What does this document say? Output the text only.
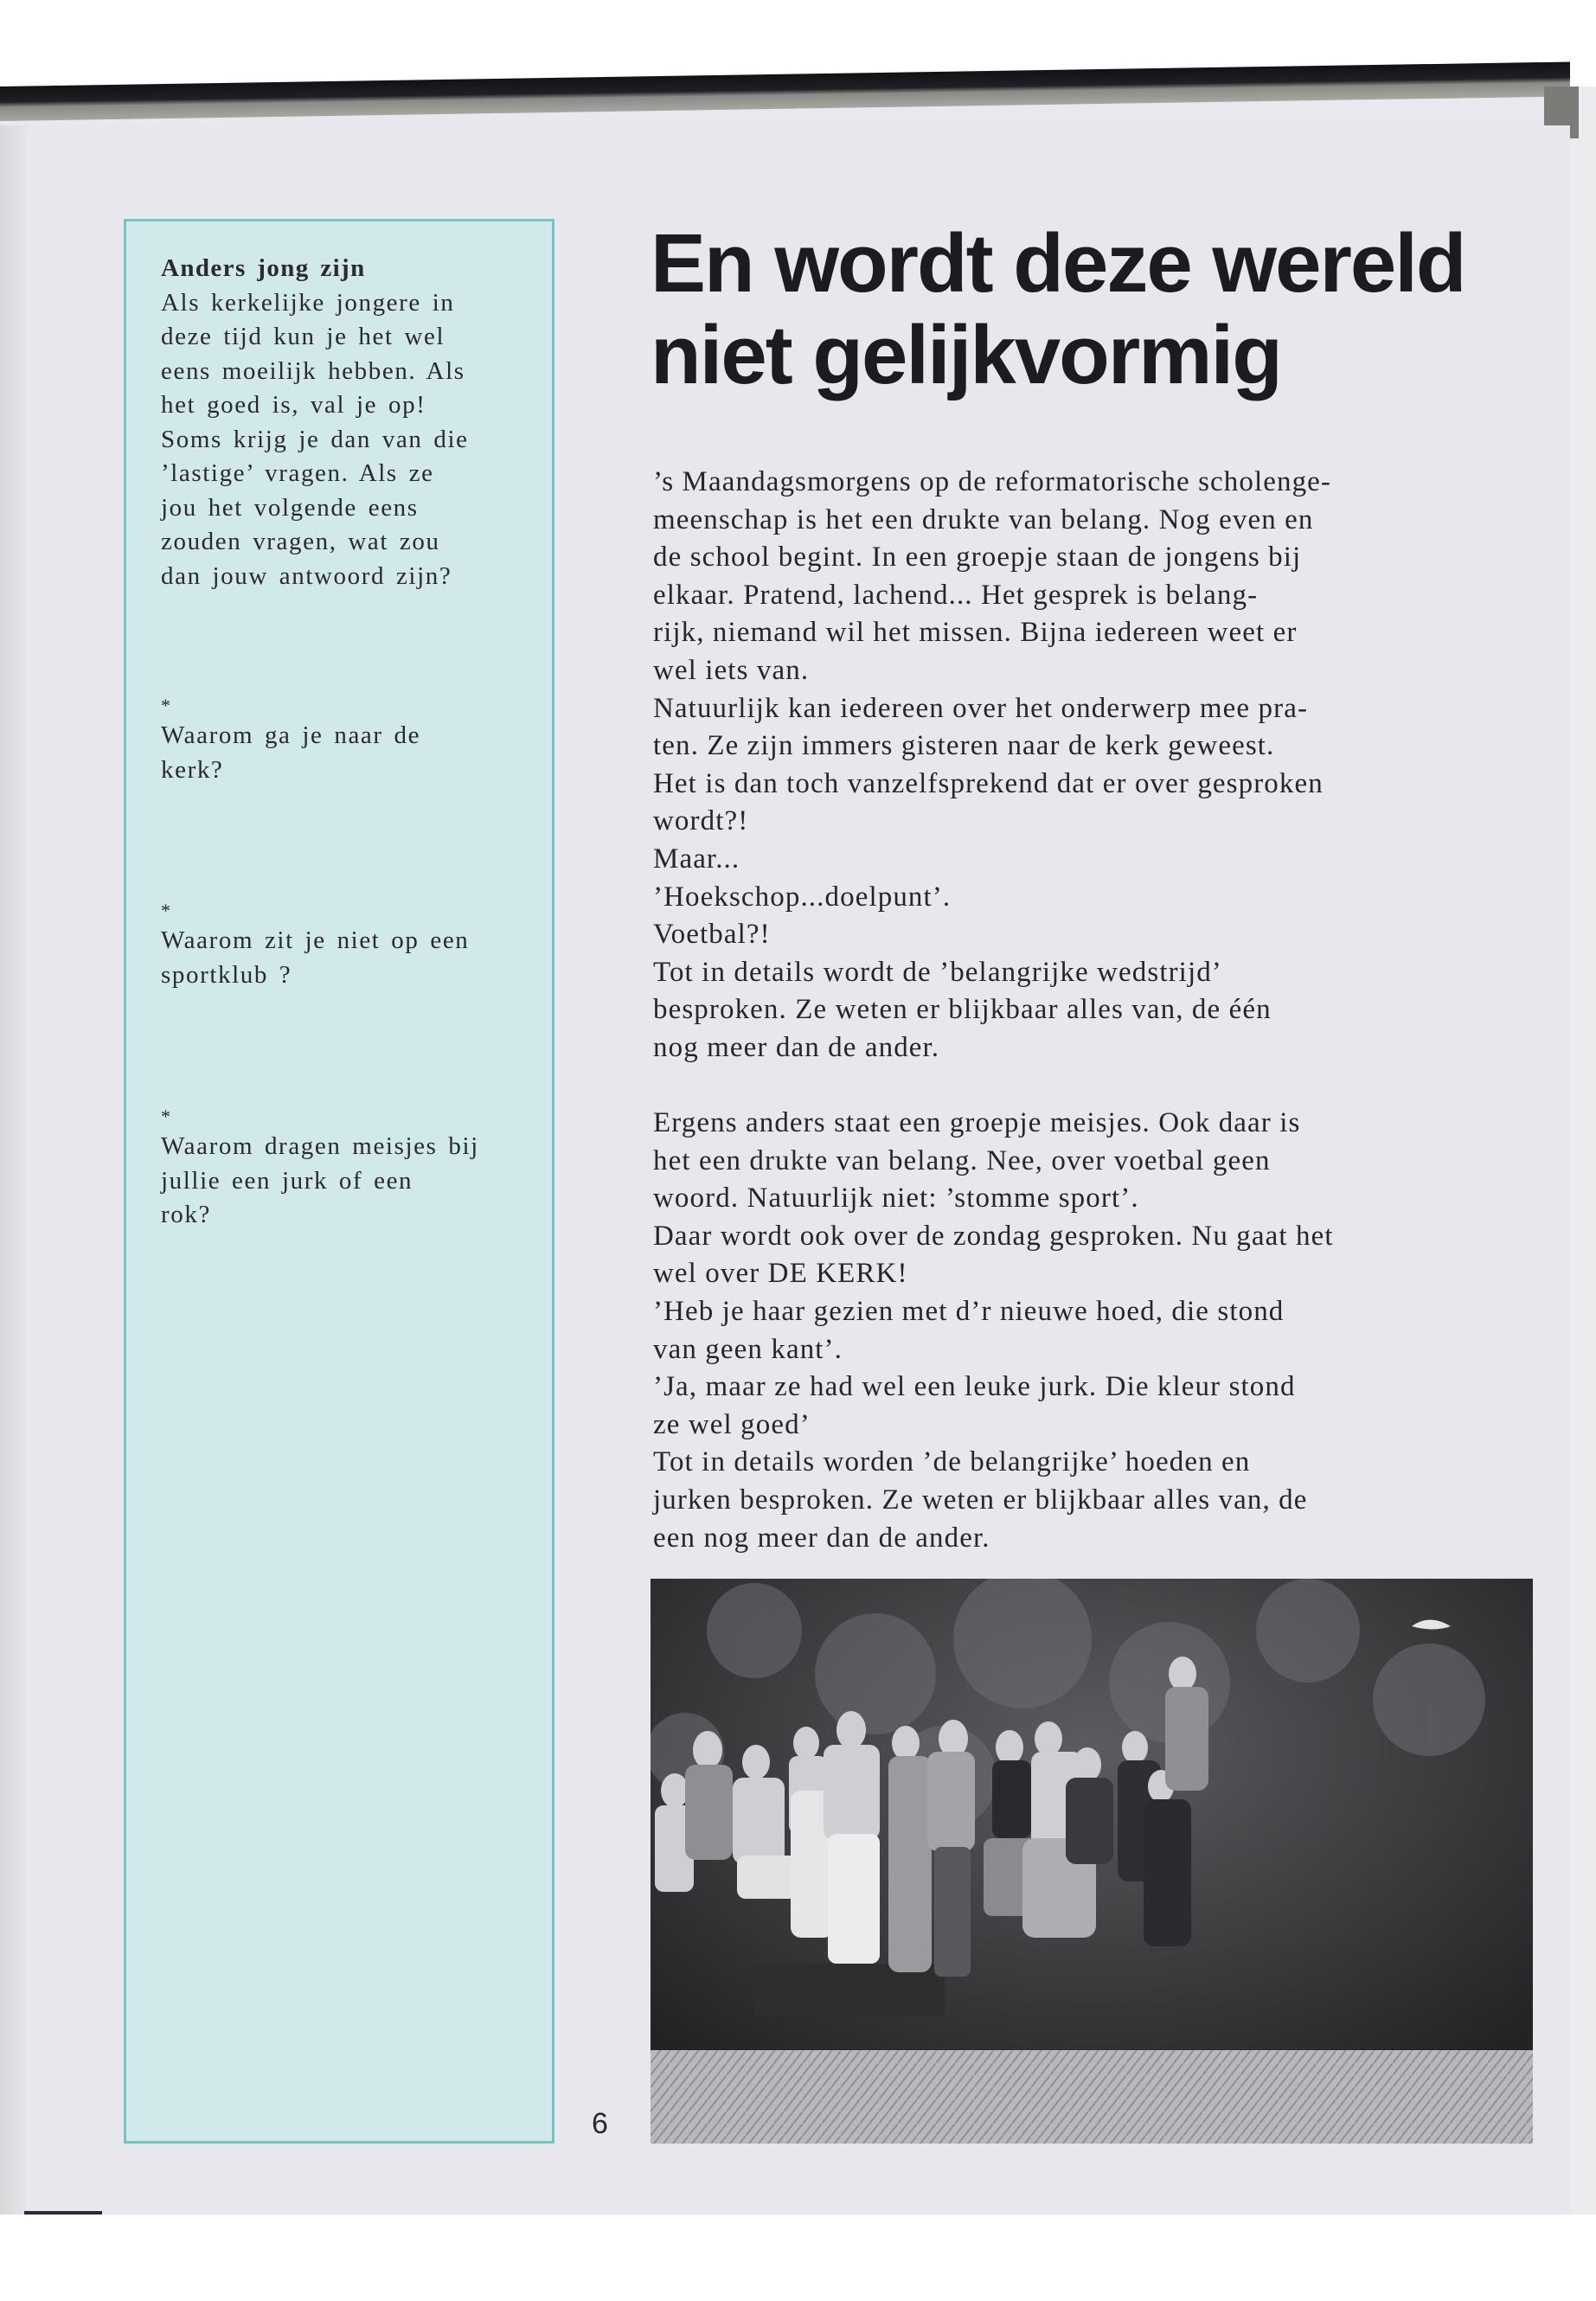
Anders jong zijn
Als kerkelijke jongere in
deze tijd kun je het wel
eens moeilijk hebben. Als
het goed is, val je op!
Soms krijg je dan van die
’lastige’ vragen. Als ze
jou het volgende eens
zouden vragen, wat zou
dan jouw antwoord zijn?
*
Waarom ga je naar de
kerk?
*
Waarom zit je niet op een
sportklub ?
*
Waarom dragen meisjes bij
jullie een jurk of een
rok?
En wordt deze wereld
niet gelijkvormig
’s Maandagsmorgens op de reformatorische scholenge-
meenschap is het een drukte van belang. Nog even en
de school begint. In een groepje staan de jongens bij
elkaar. Pratend, lachend... Het gesprek is belang-
rijk, niemand wil het missen. Bijna iedereen weet er
wel iets van.
Natuurlijk kan iedereen over het onderwerp mee pra-
ten. Ze zijn immers gisteren naar de kerk geweest.
Het is dan toch vanzelfsprekend dat er over gesproken
wordt?!
Maar...
’Hoekschop...doelpunt’.
Voetbal?!
Tot in details wordt de ’belangrijke wedstrijd’
besproken. Ze weten er blijkbaar alles van, de één
nog meer dan de ander.
Ergens anders staat een groepje meisjes. Ook daar is
het een drukte van belang. Nee, over voetbal geen
woord. Natuurlijk niet: ’stomme sport’.
Daar wordt ook over de zondag gesproken. Nu gaat het
wel over DE KERK!
’Heb je haar gezien met d’r nieuwe hoed, die stond
van geen kant’.
’Ja, maar ze had wel een leuke jurk. Die kleur stond
ze wel goed’
Tot in details worden ’de belangrijke’ hoeden en
jurken besproken. Ze weten er blijkbaar alles van, de
een nog meer dan de ander.
6
